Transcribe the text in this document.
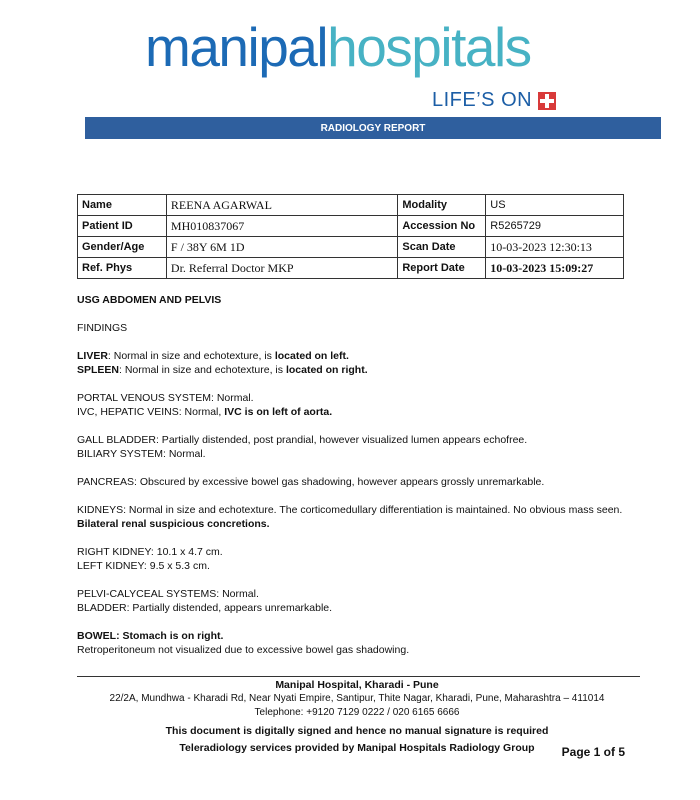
manipalhospitals
LIFE’S ON
RADIOLOGY REPORT
Name	REENA AGARWAL	Modality	US
Patient ID	MH010837067	Accession No	R5265729
Gender/Age	F / 38Y 6M 1D	Scan Date	10-03-2023 12:30:13
Ref. Phys	Dr. Referral Doctor MKP	Report Date	10-03-2023 15:09:27

USG ABDOMEN AND PELVIS

FINDINGS

LIVER: Normal in size and echotexture, is located on left.

SPLEEN: Normal in size and echotexture, is located on right.

PORTAL VENOUS SYSTEM: Normal.

IVC, HEPATIC VEINS: Normal, IVC is on left of aorta.

GALL BLADDER: Partially distended, post prandial, however visualized lumen appears echofree.

BILIARY SYSTEM: Normal.

PANCREAS: Obscured by excessive bowel gas shadowing, however appears grossly unremarkable.

KIDNEYS: Normal in size and echotexture. The corticomedullary differentiation is maintained. No obvious mass seen.

Bilateral renal suspicious concretions.

RIGHT KIDNEY: 10.1 x 4.7 cm.

LEFT KIDNEY: 9.5 x 5.3 cm.

PELVI-CALYCEAL SYSTEMS: Normal.

BLADDER: Partially distended, appears unremarkable.

BOWEL: Stomach is on right.

Retroperitoneum not visualized due to excessive bowel gas shadowing.

Manipal Hospital, Kharadi - Pune
22/2A, Mundhwa - Kharadi Rd, Near Nyati Empire, Santipur, Thite Nagar, Kharadi, Pune, Maharashtra – 411014
Telephone: +9120 7129 0222 / 020 6165 6666
This document is digitally signed and hence no manual signature is required
Teleradiology services provided by Manipal Hospitals Radiology Group	Page 1 of 5
